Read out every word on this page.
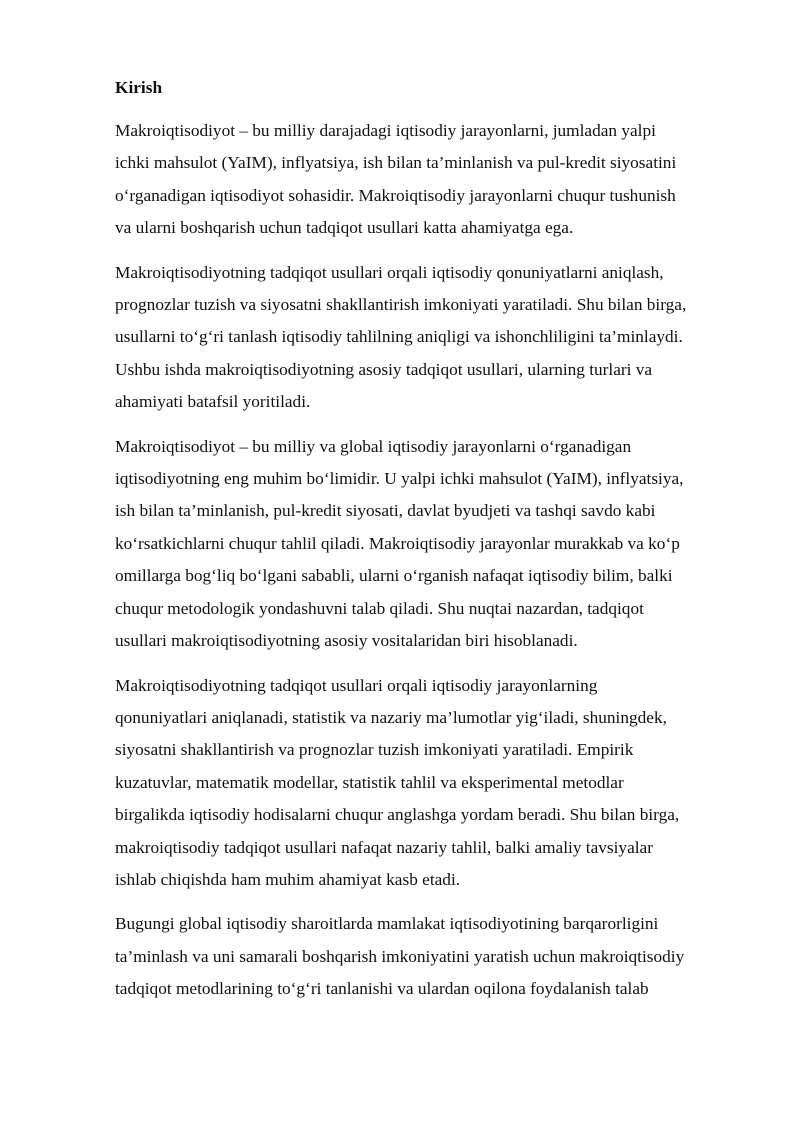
Kirish
Makroiqtisodiyot – bu milliy darajadagi iqtisodiy jarayonlarni, jumladan yalpi
ichki mahsulot (YaIM), inflyatsiya, ish bilan ta’minlanish va pul-kredit siyosatini
o‘rganadigan iqtisodiyot sohasidir. Makroiqtisodiy jarayonlarni chuqur tushunish
va ularni boshqarish uchun tadqiqot usullari katta ahamiyatga ega.
Makroiqtisodiyotning tadqiqot usullari orqali iqtisodiy qonuniyatlarni aniqlash,
prognozlar tuzish va siyosatni shakllantirish imkoniyati yaratiladi. Shu bilan birga,
usullarni to‘g‘ri tanlash iqtisodiy tahlilning aniqligi va ishonchliligini ta’minlaydi.
Ushbu ishda makroiqtisodiyotning asosiy tadqiqot usullari, ularning turlari va
ahamiyati batafsil yoritiladi.
Makroiqtisodiyot – bu milliy va global iqtisodiy jarayonlarni o‘rganadigan
iqtisodiyotning eng muhim bo‘limidir. U yalpi ichki mahsulot (YaIM), inflyatsiya,
ish bilan ta’minlanish, pul-kredit siyosati, davlat byudjeti va tashqi savdo kabi
ko‘rsatkichlarni chuqur tahlil qiladi. Makroiqtisodiy jarayonlar murakkab va ko‘p
omillarga bog‘liq bo‘lgani sababli, ularni o‘rganish nafaqat iqtisodiy bilim, balki
chuqur metodologik yondashuvni talab qiladi. Shu nuqtai nazardan, tadqiqot
usullari makroiqtisodiyotning asosiy vositalaridan biri hisoblanadi.
Makroiqtisodiyotning tadqiqot usullari orqali iqtisodiy jarayonlarning
qonuniyatlari aniqlanadi, statistik va nazariy ma’lumotlar yig‘iladi, shuningdek,
siyosatni shakllantirish va prognozlar tuzish imkoniyati yaratiladi. Empirik
kuzatuvlar, matematik modellar, statistik tahlil va eksperimental metodlar
birgalikda iqtisodiy hodisalarni chuqur anglashga yordam beradi. Shu bilan birga,
makroiqtisodiy tadqiqot usullari nafaqat nazariy tahlil, balki amaliy tavsiyalar
ishlab chiqishda ham muhim ahamiyat kasb etadi.
Bugungi global iqtisodiy sharoitlarda mamlakat iqtisodiyotining barqarorligini
ta’minlash va uni samarali boshqarish imkoniyatini yaratish uchun makroiqtisodiy
tadqiqot metodlarining to‘g‘ri tanlanishi va ulardan oqilona foydalanish talab
